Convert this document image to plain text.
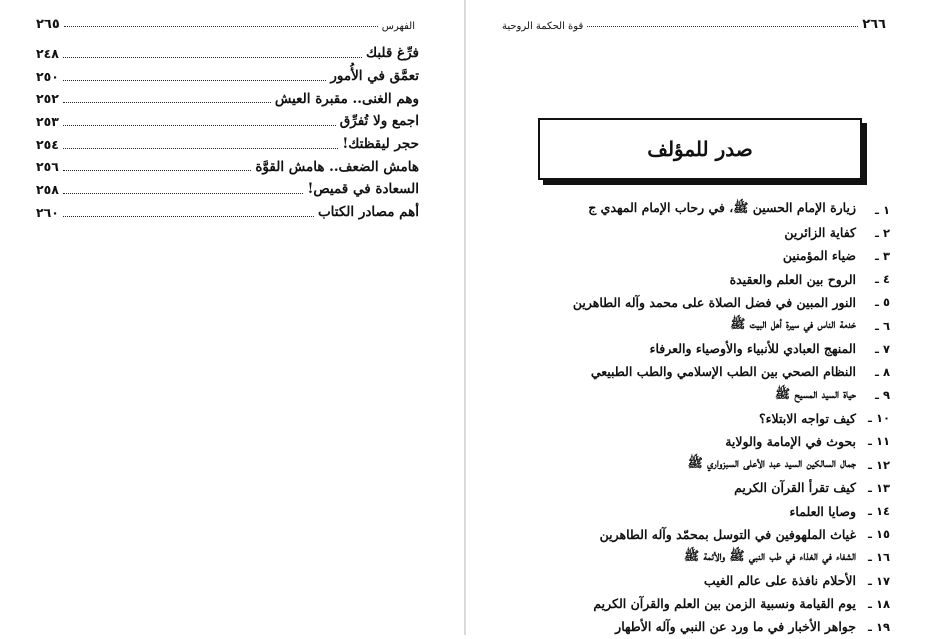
الفهرس
٢٦٥
فرِّغ قلبك
٢٤٨
تعمَّق في الأُمور
٢٥٠
وهم الغنى.. مقبرة العيش
٢٥٢
اجمع ولا تُفرِّق
٢٥٣
حجر ليقظتك!
٢٥٤
هامش الضعف.. هامش القوَّة
٢٥٦
السعادة في قميص!
٢٥٨
أهم مصادر الكتاب
٢٦٠
٢٦٦
قوة الحكمة الروحية
صدر للمؤلف
١ ـ
زيارة الإمام الحسين ﷺ، في رحاب الإمام المهدي ج
٢ ـ
كفاية الزائرين
٣ ـ
ضياء المؤمنين
٤ ـ
الروح بين العلم والعقيدة
٥ ـ
النور المبين في فضل الصلاة على محمد وآله الطاهرين
٦ ـ
خدمة الناس في سيرة أهل البيت ﷺ
٧ ـ
المنهج العبادي للأنبياء والأوصياء والعرفاء
٨ ـ
النظام الصحي بين الطب الإسلامي والطب الطبيعي
٩ ـ
حياة السيد المسيح ﷺ
١٠ ـ
كيف تواجه الابتلاء؟
١١ ـ
بحوث في الإمامة والولاية
١٢ ـ
جمال السالكين السيد عبد الأعلى السبزواري ﷺ
١٣ ـ
كيف تقرأ القرآن الكريم
١٤ ـ
وصايا العلماء
١٥ ـ
غياث الملهوفين في التوسل بمحمّد وآله الطاهرين
١٦ ـ
الشفاء في الغذاء في طب النبي ﷺ والأئمة ﷺ
١٧ ـ
الأحلام نافذة على عالم الغيب
١٨ ـ
يوم القيامة ونسبية الزمن بين العلم والقرآن الكريم
١٩ ـ
جواهر الأخبار في ما ورد عن النبي وآله الأطهار
